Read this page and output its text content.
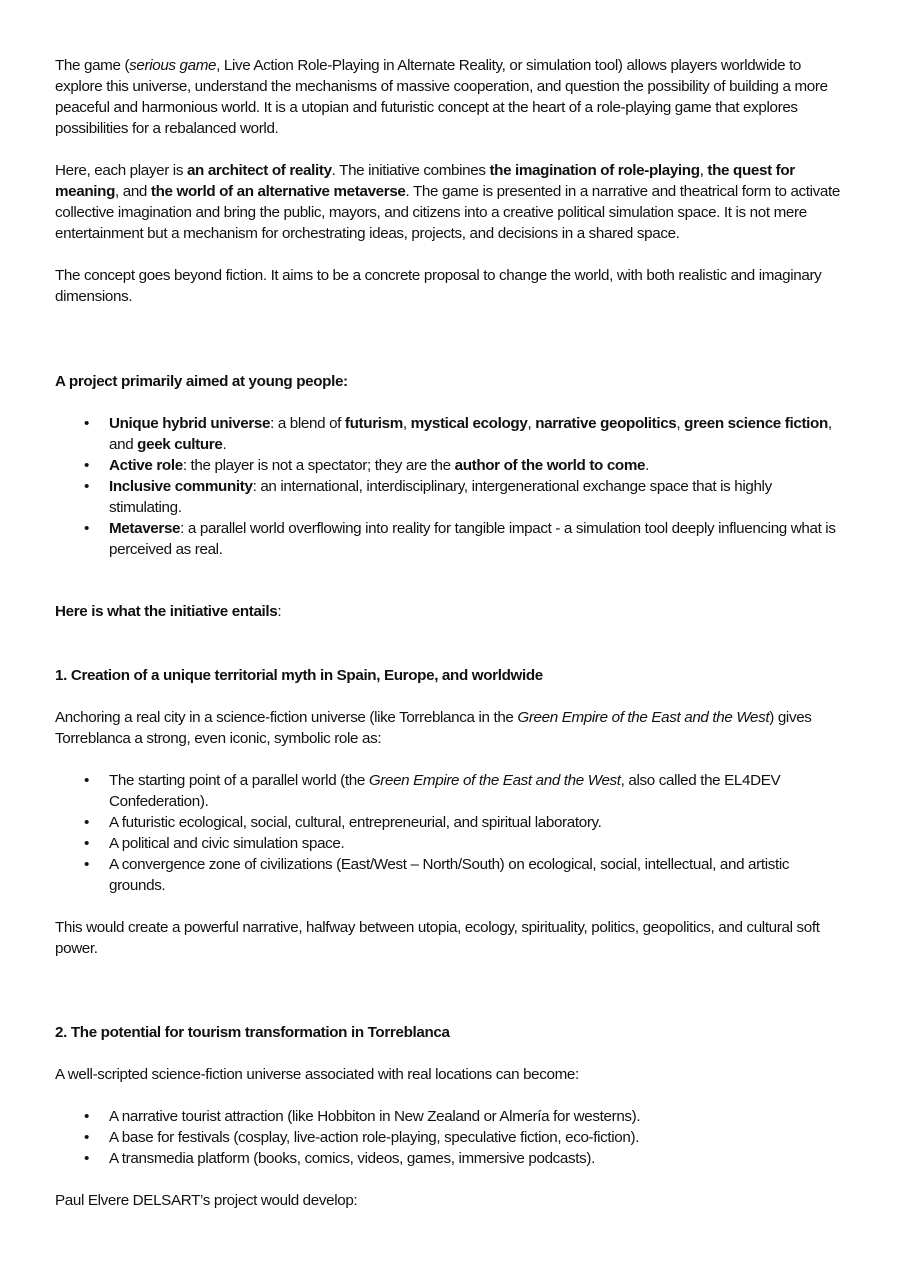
The game (serious game, Live Action Role-Playing in Alternate Reality, or simulation tool) allows players worldwide to explore this universe, understand the mechanisms of massive cooperation, and question the possibility of building a more peaceful and harmonious world. It is a utopian and futuristic concept at the heart of a role-playing game that explores possibilities for a rebalanced world.

Here, each player is an architect of reality. The initiative combines the imagination of role-playing, the quest for meaning, and the world of an alternative metaverse. The game is presented in a narrative and theatrical form to activate collective imagination and bring the public, mayors, and citizens into a creative political simulation space. It is not mere entertainment but a mechanism for orchestrating ideas, projects, and decisions in a shared space.

The concept goes beyond fiction. It aims to be a concrete proposal to change the world, with both realistic and imaginary dimensions.

A project primarily aimed at young people:

• Unique hybrid universe: a blend of futurism, mystical ecology, narrative geopolitics, green science fiction, and geek culture.
• Active role: the player is not a spectator; they are the author of the world to come.
• Inclusive community: an international, interdisciplinary, intergenerational exchange space that is highly stimulating.
• Metaverse: a parallel world overflowing into reality for tangible impact - a simulation tool deeply influencing what is perceived as real.

Here is what the initiative entails:

1. Creation of a unique territorial myth in Spain, Europe, and worldwide

Anchoring a real city in a science-fiction universe (like Torreblanca in the Green Empire of the East and the West) gives Torreblanca a strong, even iconic, symbolic role as:

• The starting point of a parallel world (the Green Empire of the East and the West, also called the EL4DEV Confederation).
• A futuristic ecological, social, cultural, entrepreneurial, and spiritual laboratory.
• A political and civic simulation space.
• A convergence zone of civilizations (East/West – North/South) on ecological, social, intellectual, and artistic grounds.

This would create a powerful narrative, halfway between utopia, ecology, spirituality, politics, geopolitics, and cultural soft power.

2. The potential for tourism transformation in Torreblanca

A well-scripted science-fiction universe associated with real locations can become:

• A narrative tourist attraction (like Hobbiton in New Zealand or Almería for westerns).
• A base for festivals (cosplay, live-action role-playing, speculative fiction, eco-fiction).
• A transmedia platform (books, comics, videos, games, immersive podcasts).

Paul Elvere DELSART’s project would develop:
